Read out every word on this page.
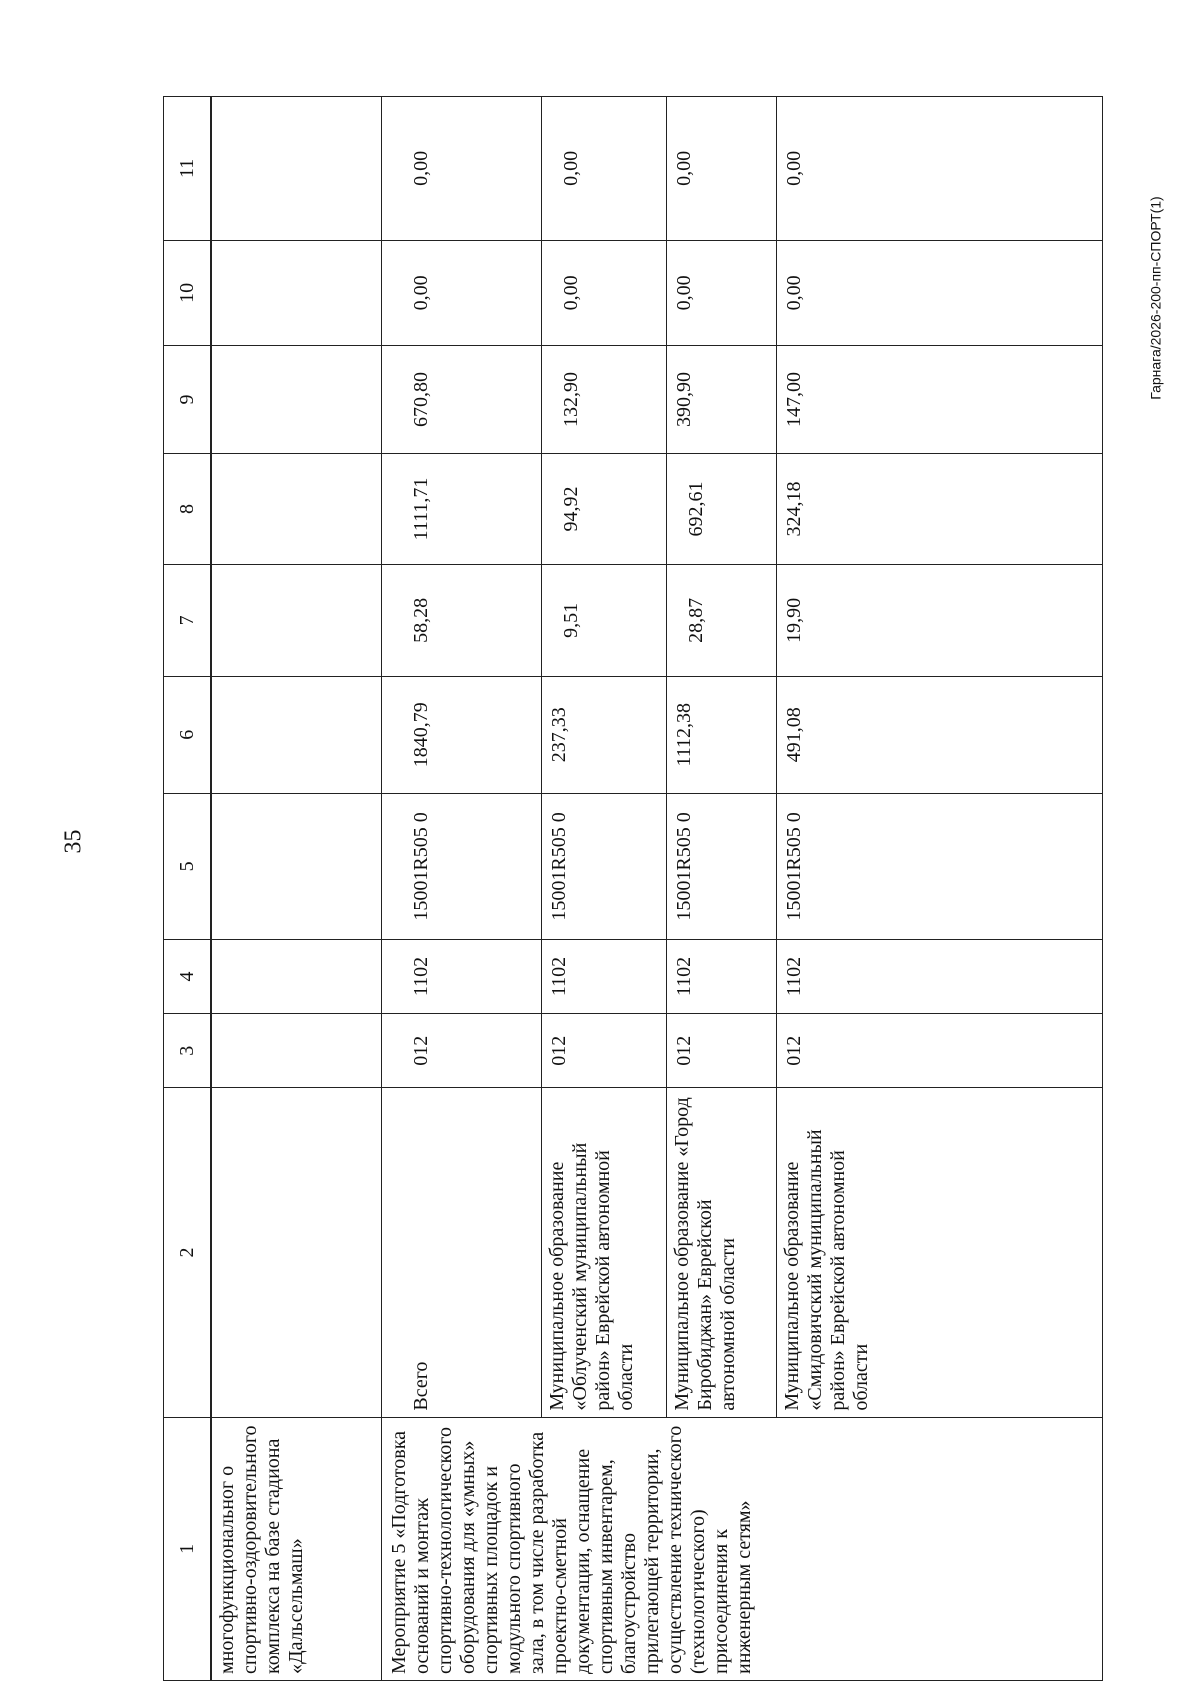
35
Гарнага/2026-200-пп-СПОРТ(1)
1	2	3	4	5	6	7	8	9	10	11
многофункциональног о спортивно-оздоровительного комплекса на базе стадиона «Дальсельмаш»										
Мероприятие 5 «Подготовка оснований и монтаж спортивно-технологического оборудования для «умных» спортивных площадок и модульного спортивного зала, в том числе разработка проектно-сметной документации, оснащение спортивным инвентарем, благоустройство прилегающей территории, осуществление технического (технологического) присоединения к инженерным сетям»	Всего	012	1102	15001R505 0	1840,79	58,28	1111,71	670,80	0,00	0,00
	Муниципальное образование «Облученский муниципальный район» Еврейской автономной области	012	1102	15001R505 0	237,33	9,51	94,92	132,90	0,00	0,00
	Муниципальное образование «Город Биробиджан» Еврейской автономной области	012	1102	15001R505 0	1112,38	28,87	692,61	390,90	0,00	0,00
	Муниципальное образование «Смидовичский муниципальный район» Еврейской автономной области	012	1102	15001R505 0	491,08	19,90	324,18	147,00	0,00	0,00
